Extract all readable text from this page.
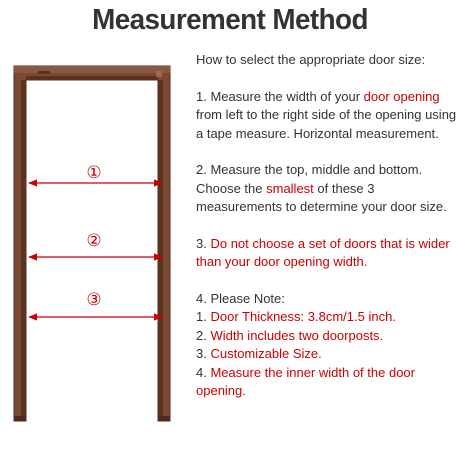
Measurement Method
①
②
③

How to select the appropriate door size:

1. Measure the width of your door opening from left to the right side of the opening using a tape measure. Horizontal measurement.

2. Measure the top, middle and bottom. Choose the smallest of these 3 measurements to determine your door size.

3. Do not choose a set of doors that is wider than your door opening width.

4. Please Note:

1. Door Thickness: 3.8cm/1.5 inch.

2. Width includes two doorposts.

3. Customizable Size.

4. Measure the inner width of the door opening.
